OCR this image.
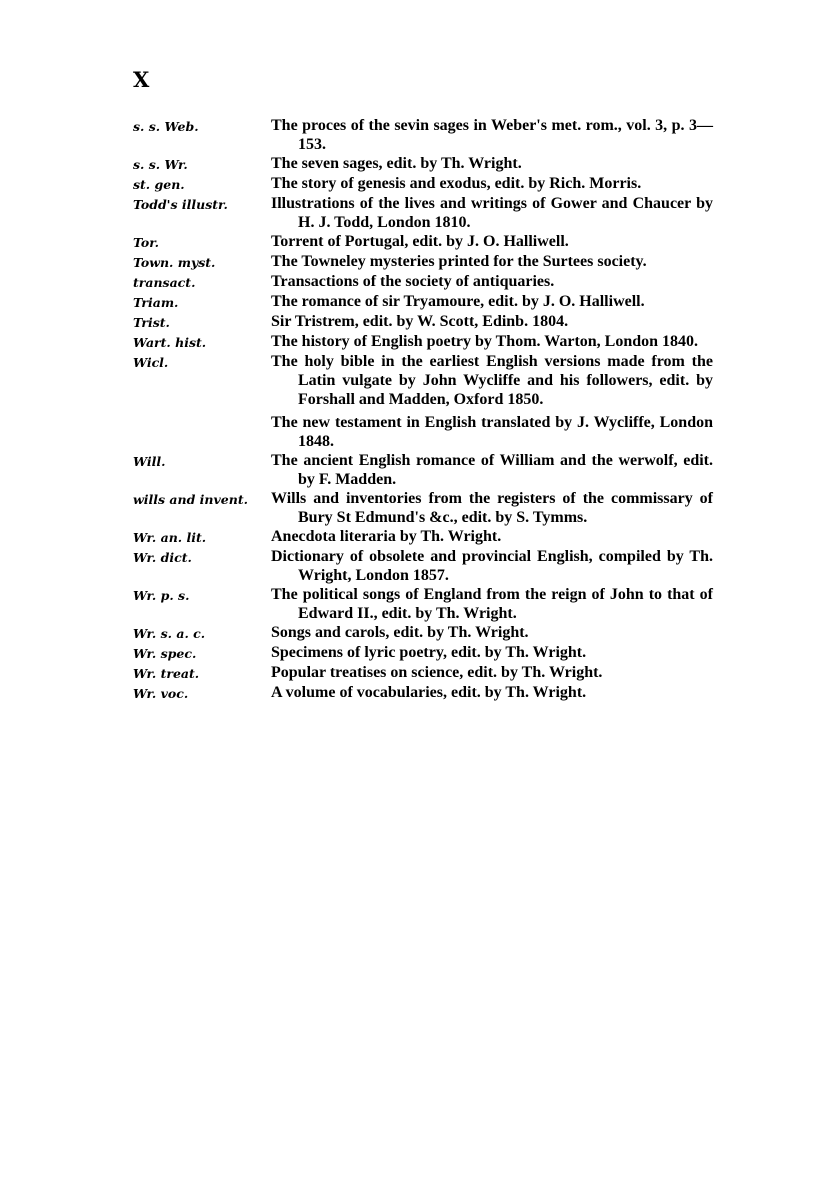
X
s. s. Web.	The proces of the sevin sages in Weber's met. rom., vol. 3, p. 3—153.
s. s. Wr.	The seven sages, edit. by Th. Wright.
st. gen.	The story of genesis and exodus, edit. by Rich. Morris.
Todd's illustr.	Illustrations of the lives and writings of Gower and Chaucer by H. J. Todd, London 1810.
Tor.	Torrent of Portugal, edit. by J. O. Halliwell.
Town. myst.	The Towneley mysteries printed for the Surtees society.
transact.	Transactions of the society of antiquaries.
Triam.	The romance of sir Tryamoure, edit. by J. O. Halliwell.
Trist.	Sir Tristrem, edit. by W. Scott, Edinb. 1804.
Wart. hist.	The history of English poetry by Thom. Warton, London 1840.
Wicl.	The holy bible in the earliest English versions made from the Latin vulgate by John Wycliffe and his followers, edit. by Forshall and Madden, Oxford 1850.
The new testament in English translated by J. Wycliffe, London 1848.
Will.	The ancient English romance of William and the werwolf, edit. by F. Madden.
wills and invent.	Wills and inventories from the registers of the commissary of Bury St Edmund's &c., edit. by S. Tymms.
Wr. an. lit.	Anecdota literaria by Th. Wright.
Wr. dict.	Dictionary of obsolete and provincial English, compiled by Th. Wright, London 1857.
Wr. p. s.	The political songs of England from the reign of John to that of Edward II., edit. by Th. Wright.
Wr. s. a. c.	Songs and carols, edit. by Th. Wright.
Wr. spec.	Specimens of lyric poetry, edit. by Th. Wright.
Wr. treat.	Popular treatises on science, edit. by Th. Wright.
Wr. voc.	A volume of vocabularies, edit. by Th. Wright.
